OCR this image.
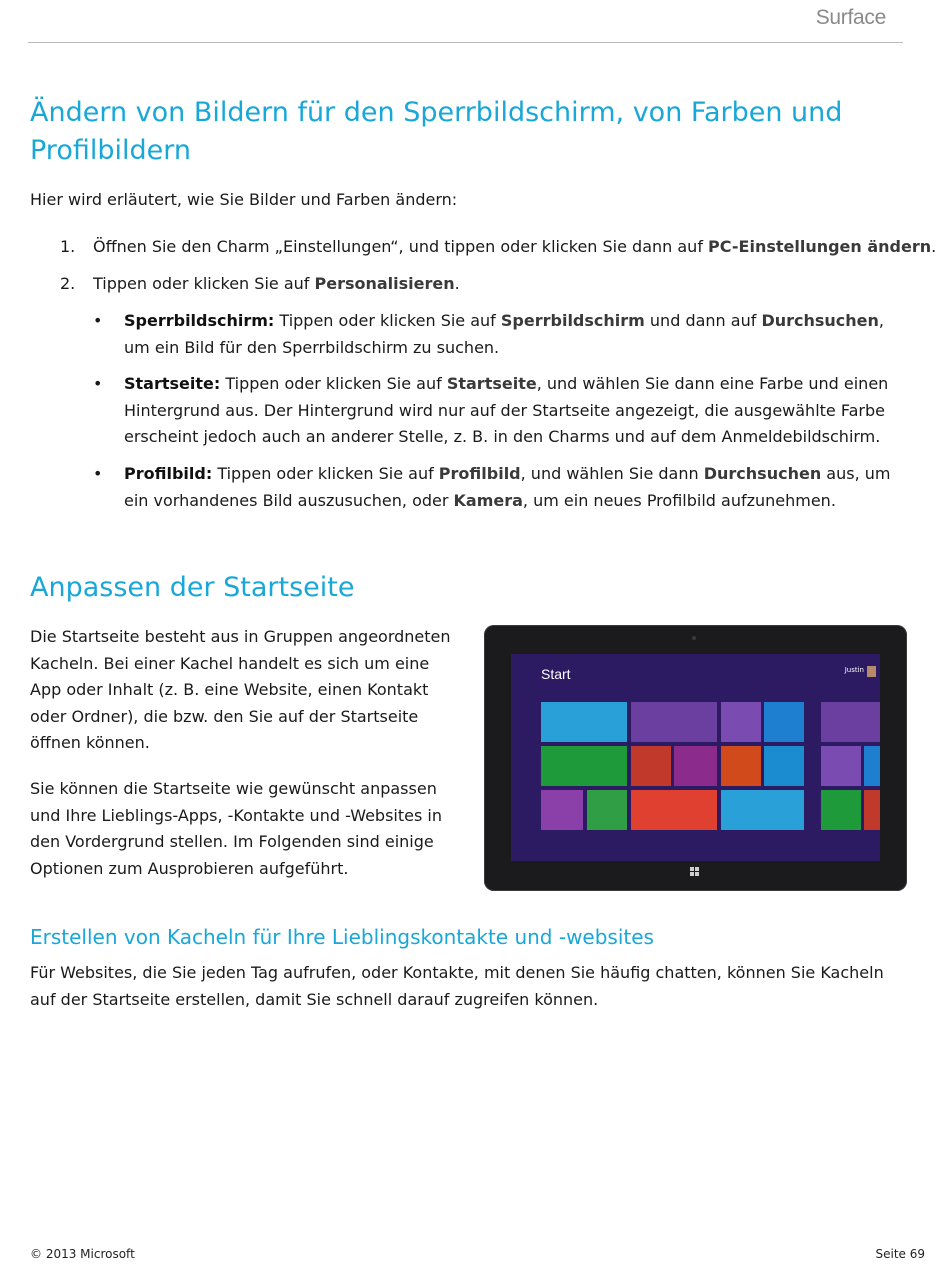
Surface
Ändern von Bildern für den Sperrbildschirm, von Farben und Profilbildern

Hier wird erläutert, wie Sie Bilder und Farben ändern:

1.	Öffnen Sie den Charm „Einstellungen“, und tippen oder klicken Sie dann auf PC-Einstellungen ändern.
2.	Tippen oder klicken Sie auf Personalisieren.
• Sperrbildschirm: Tippen oder klicken Sie auf Sperrbildschirm und dann auf Durchsuchen, um ein Bild für den Sperrbildschirm zu suchen.
• Startseite: Tippen oder klicken Sie auf Startseite, und wählen Sie dann eine Farbe und einen Hintergrund aus. Der Hintergrund wird nur auf der Startseite angezeigt, die ausgewählte Farbe erscheint jedoch auch an anderer Stelle, z. B. in den Charms und auf dem Anmeldebildschirm.
• Profilbild: Tippen oder klicken Sie auf Profilbild, und wählen Sie dann Durchsuchen aus, um ein vorhandenes Bild auszusuchen, oder Kamera, um ein neues Profilbild aufzunehmen.
Anpassen der Startseite

Die Startseite besteht aus in Gruppen angeordneten Kacheln. Bei einer Kachel handelt es sich um eine App oder Inhalt (z. B. eine Website, einen Kontakt oder Ordner), die bzw. den Sie auf der Startseite öffnen können.

Sie können die Startseite wie gewünscht anpassen und Ihre Lieblings-Apps, -Kontakte und -Websites in den Vordergrund stellen. Im Folgenden sind einige Optionen zum Ausprobieren aufgeführt.

Start	Justin
Erstellen von Kacheln für Ihre Lieblingskontakte und -websites

Für Websites, die Sie jeden Tag aufrufen, oder Kontakte, mit denen Sie häufig chatten, können Sie Kacheln auf der Startseite erstellen, damit Sie schnell darauf zugreifen können.

© 2013 Microsoft	Seite 69
